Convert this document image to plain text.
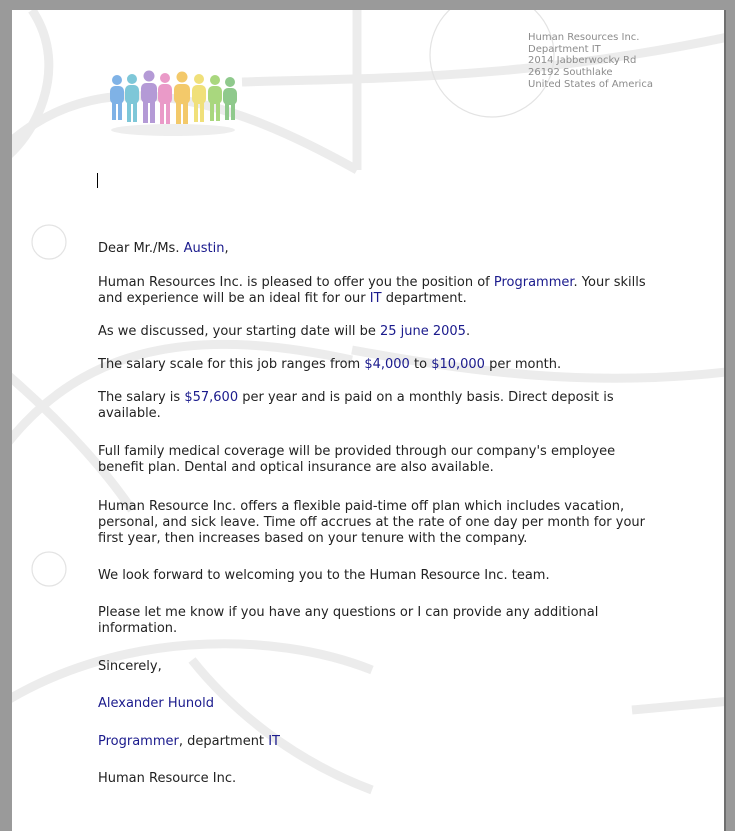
Human Resources Inc.
Department IT
2014 Jabberwocky Rd
26192 Southlake
United States of America

Dear Mr./Ms. Austin,

Human Resources Inc. is pleased to offer you the position of Programmer. Your skills and experience will be an ideal fit for our IT department.

As we discussed, your starting date will be 25 june 2005.

The salary scale for this job ranges from $4,000 to $10,000 per month.

The salary is $57,600 per year and is paid on a monthly basis. Direct deposit is available.

Full family medical coverage will be provided through our company's employee benefit plan. Dental and optical insurance are also available.

Human Resource Inc. offers a flexible paid-time off plan which includes vacation, personal, and sick leave. Time off accrues at the rate of one day per month for your first year, then increases based on your tenure with the company.

We look forward to welcoming you to the Human Resource Inc. team.

Please let me know if you have any questions or I can provide any additional information.

Sincerely,

Alexander Hunold

Programmer, department IT

Human Resource Inc.
